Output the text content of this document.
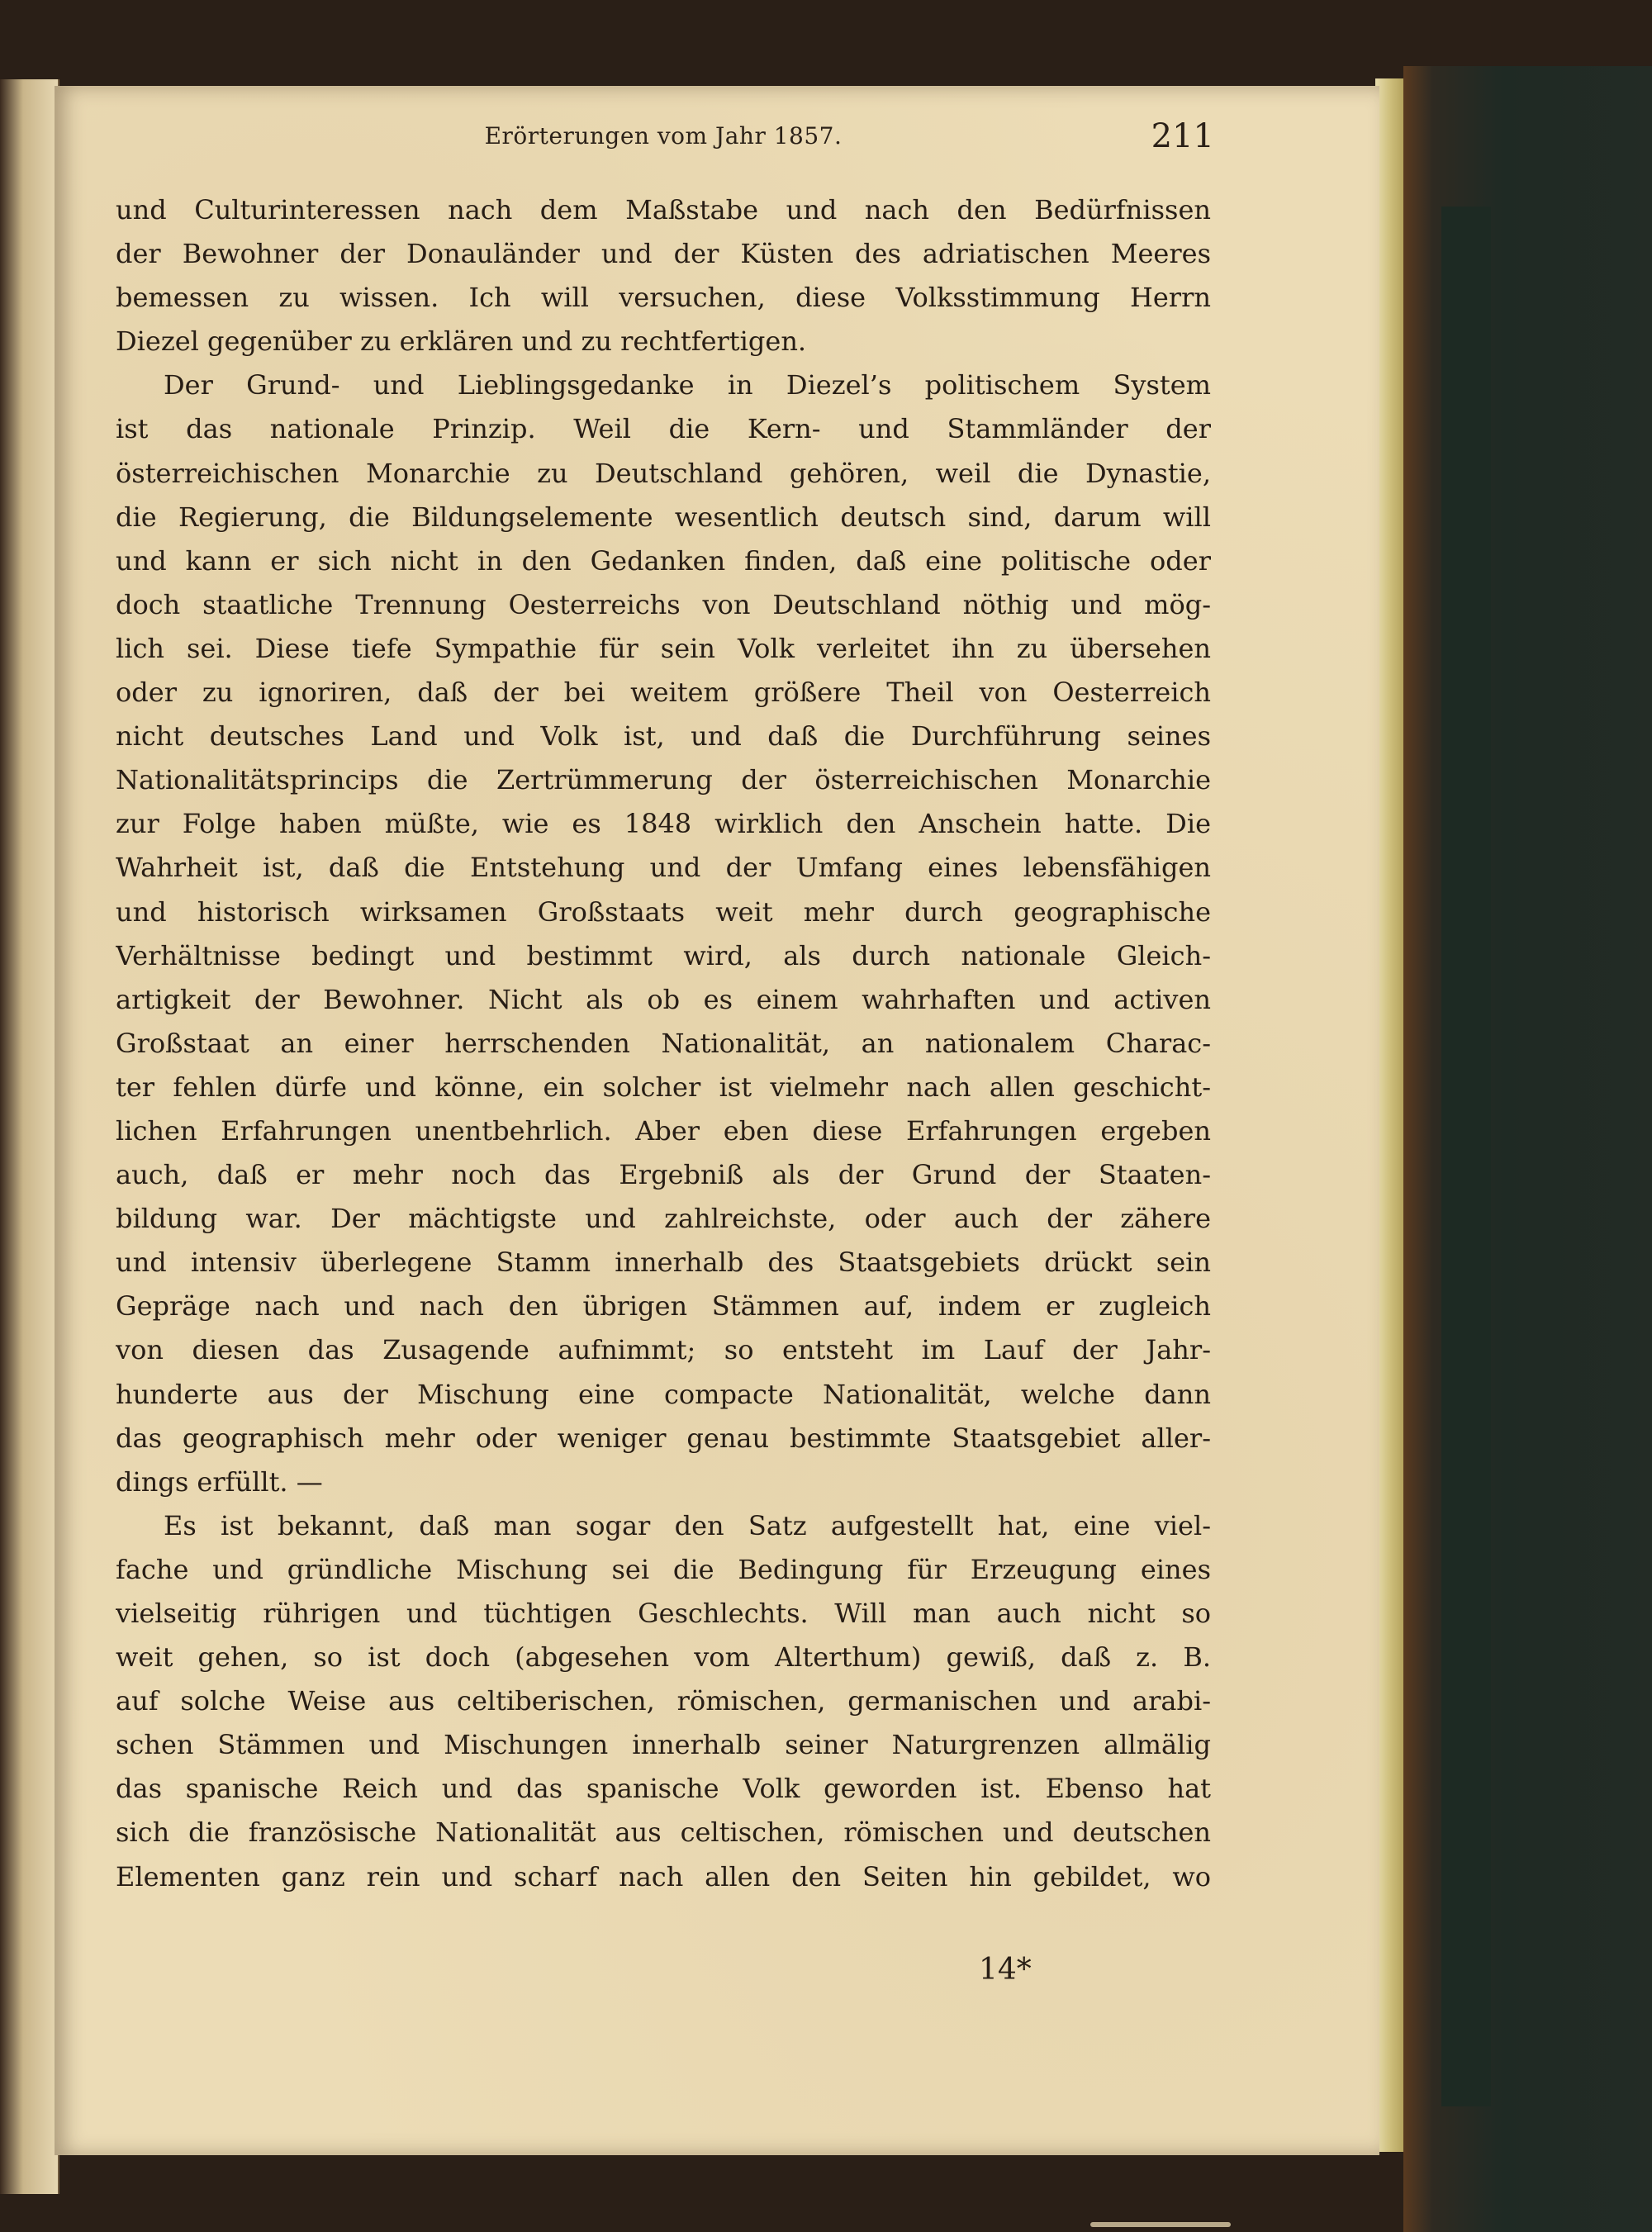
Erörterungen vom Jahr 1857.	211

und Culturinteressen nach dem Maßstabe und nach den Bedürfnissen
der Bewohner der Donauländer und der Küsten des adriatischen Meeres
bemessen zu wissen. Ich will versuchen, diese Volksstimmung Herrn
Diezel gegenüber zu erklären und zu rechtfertigen.

Der Grund- und Lieblingsgedanke in Diezel’s politischem System
ist das nationale Prinzip. Weil die Kern- und Stammländer der
österreichischen Monarchie zu Deutschland gehören, weil die Dynastie,
die Regierung, die Bildungselemente wesentlich deutsch sind, darum will
und kann er sich nicht in den Gedanken finden, daß eine politische oder
doch staatliche Trennung Oesterreichs von Deutschland nöthig und mög-
lich sei. Diese tiefe Sympathie für sein Volk verleitet ihn zu übersehen
oder zu ignoriren, daß der bei weitem größere Theil von Oesterreich
nicht deutsches Land und Volk ist, und daß die Durchführung seines
Nationalitätsprincips die Zertrümmerung der österreichischen Monarchie
zur Folge haben müßte, wie es 1848 wirklich den Anschein hatte. Die
Wahrheit ist, daß die Entstehung und der Umfang eines lebensfähigen
und historisch wirksamen Großstaats weit mehr durch geographische
Verhältnisse bedingt und bestimmt wird, als durch nationale Gleich-
artigkeit der Bewohner. Nicht als ob es einem wahrhaften und activen
Großstaat an einer herrschenden Nationalität, an nationalem Charac-
ter fehlen dürfe und könne, ein solcher ist vielmehr nach allen geschicht-
lichen Erfahrungen unentbehrlich. Aber eben diese Erfahrungen ergeben
auch, daß er mehr noch das Ergebniß als der Grund der Staaten-
bildung war. Der mächtigste und zahlreichste, oder auch der zähere
und intensiv überlegene Stamm innerhalb des Staatsgebiets drückt sein
Gepräge nach und nach den übrigen Stämmen auf, indem er zugleich
von diesen das Zusagende aufnimmt; so entsteht im Lauf der Jahr-
hunderte aus der Mischung eine compacte Nationalität, welche dann
das geographisch mehr oder weniger genau bestimmte Staatsgebiet aller-
dings erfüllt. —

Es ist bekannt, daß man sogar den Satz aufgestellt hat, eine viel-
fache und gründliche Mischung sei die Bedingung für Erzeugung eines
vielseitig rührigen und tüchtigen Geschlechts. Will man auch nicht so
weit gehen, so ist doch (abgesehen vom Alterthum) gewiß, daß z. B.
auf solche Weise aus celtiberischen, römischen, germanischen und arabi-
schen Stämmen und Mischungen innerhalb seiner Naturgrenzen allmälig
das spanische Reich und das spanische Volk geworden ist. Ebenso hat
sich die französische Nationalität aus celtischen, römischen und deutschen
Elementen ganz rein und scharf nach allen den Seiten hin gebildet, wo

14*
